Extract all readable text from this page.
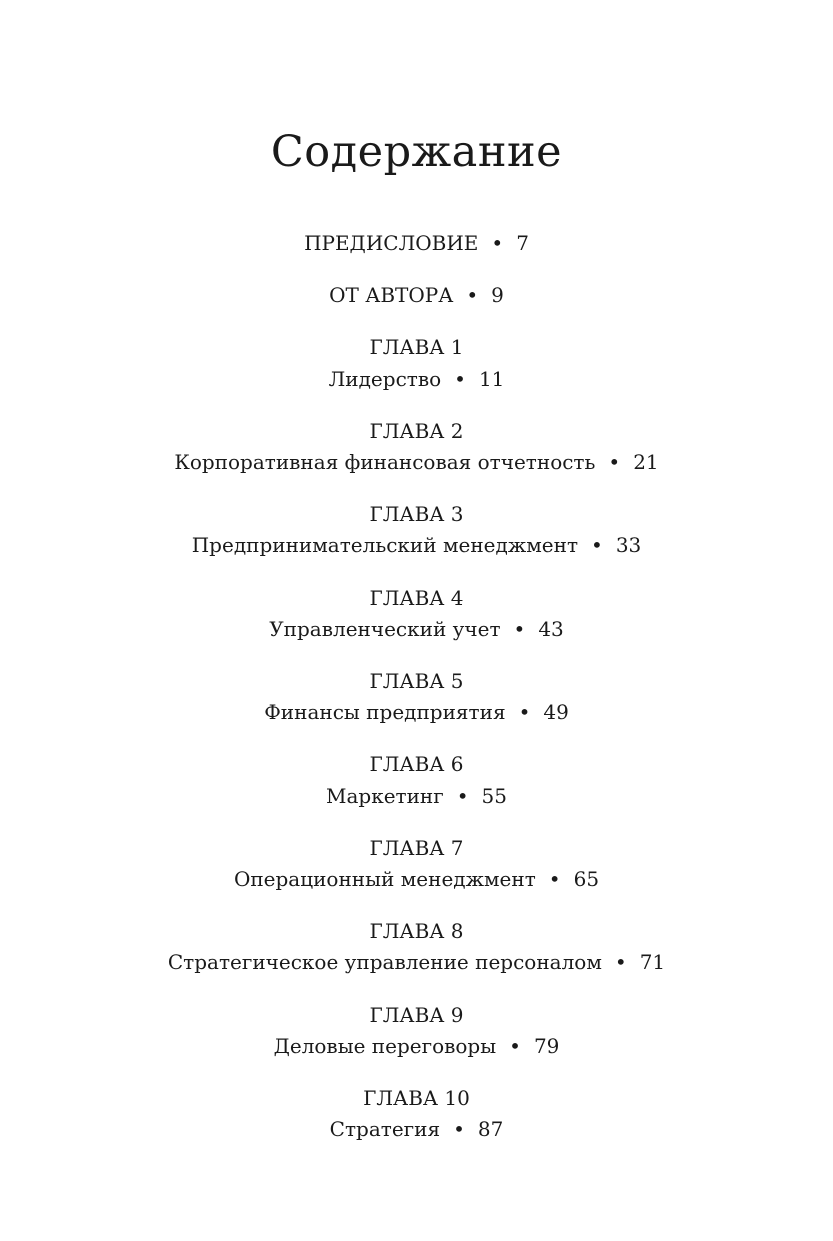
Содержание
ПРЕДИСЛОВИЕ • 7
ОТ АВТОРА • 9
ГЛАВА 1
Лидерство • 11
ГЛАВА 2
Корпоративная финансовая отчетность • 21
ГЛАВА 3
Предпринимательский менеджмент • 33
ГЛАВА 4
Управленческий учет • 43
ГЛАВА 5
Финансы предприятия • 49
ГЛАВА 6
Маркетинг • 55
ГЛАВА 7
Операционный менеджмент • 65
ГЛАВА 8
Стратегическое управление персоналом • 71
ГЛАВА 9
Деловые переговоры • 79
ГЛАВА 10
Стратегия • 87
